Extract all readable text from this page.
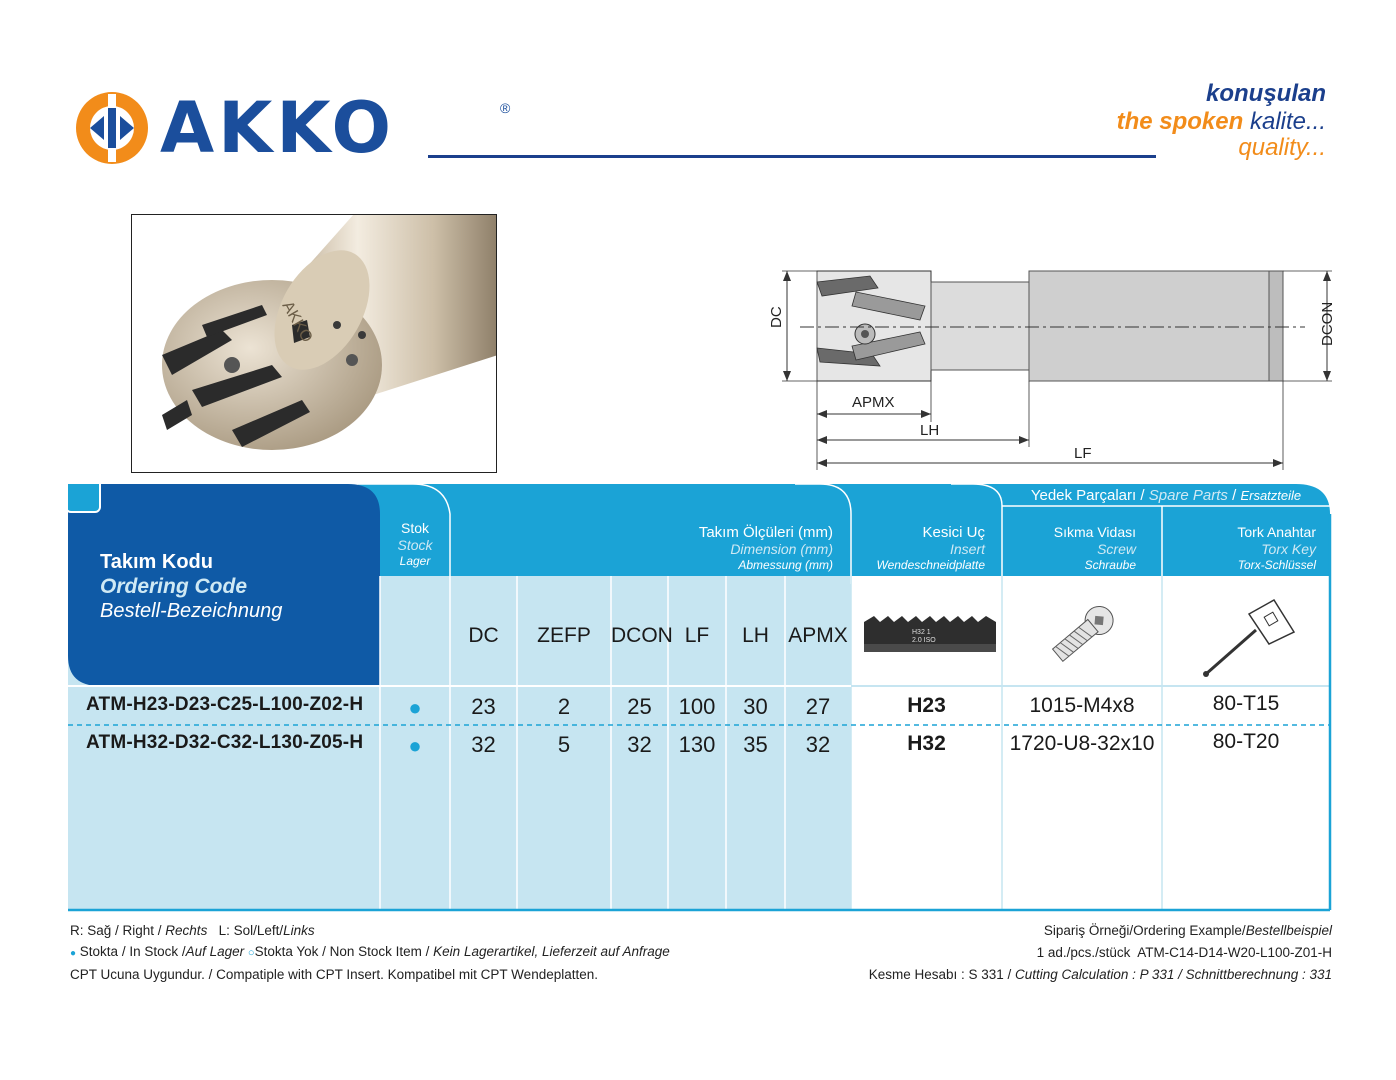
AKKO	®
konuşulan
the spoken kalite...
quality...
AKKO	DC	DCON
APMX
LH
LF
Takım Kodu
Ordering Code
Bestell-Bezeichnung
Stok
Stock
Lager
Takım Ölçüleri (mm)
Dimension (mm)
Abmessung (mm)
Kesici Uç
Insert
Wendeschneidplatte
Yedek Parçaları / Spare Parts / Ersatzteile
Sıkma Vidası
Screw
Schraube
Tork Anahtar
Torx Key
Torx-Schlüssel
DC	ZEFP DCON LF	LH APMX	H32 1
2.0 ISO
ATM-H23-D23-C25-L100-Z02-H	●	23	2	25	100	30	27	H23	1015-M4x8	80-T15
ATM-H32-D32-C32-L130-Z05-H	●	32	5	32	130	35	32	H32	1720-U8-32x10	80-T20
R: Sağ / Right / Rechts   L: Sol/Left/Links
● Stokta / In Stock /Auf Lager ○Stokta Yok / Non Stock Item / Kein Lagerartikel, Lieferzeit auf Anfrage
CPT Ucuna Uygundur. / Compatiple with CPT Insert. Kompatibel mit CPT Wendeplatten.
Sipariş Örneği/Ordering Example/Bestellbeispiel
1 ad./pcs./stück  ATM-C14-D14-W20-L100-Z01-H
Kesme Hesabı : S 331 / Cutting Calculation : P 331 / Schnittberechnung : 331
